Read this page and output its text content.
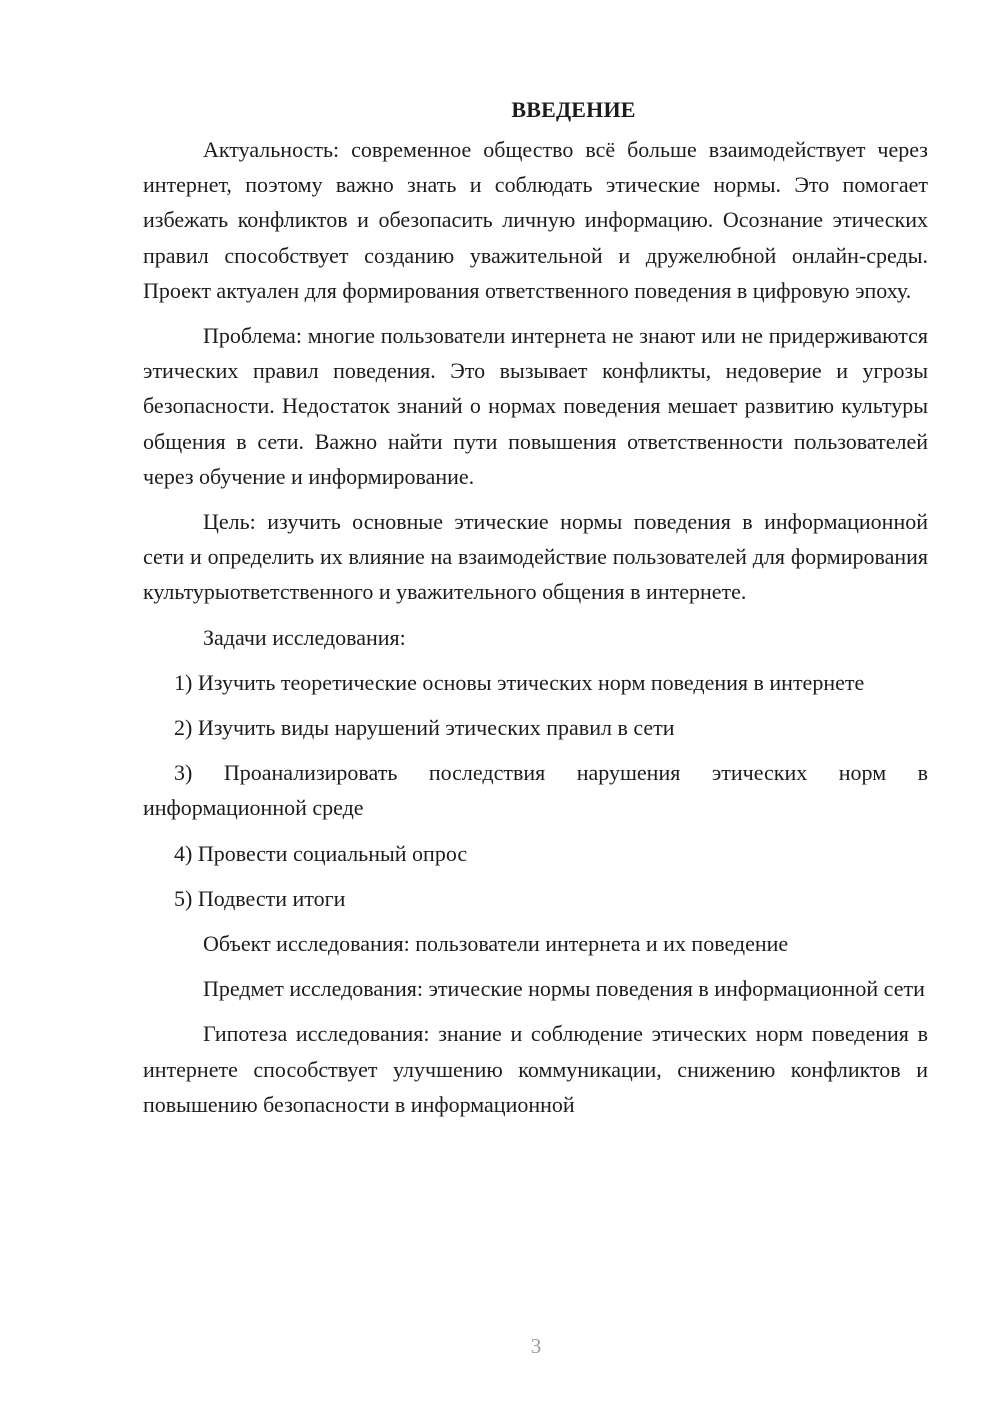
ВВЕДЕНИЕ

Актуальность: современное общество всё больше взаимодействует через интернет, поэтому важно знать и соблюдать этические нормы. Это помогает избежать конфликтов и обезопасить личную информацию. Осознание этических правил способствует созданию уважительной и дружелюбной онлайн-среды. Проект актуален для формирования ответственного поведения в цифровую эпоху.

Проблема: многие пользователи интернета не знают или не придерживаются этических правил поведения. Это вызывает конфликты, недоверие и угрозы безопасности. Недостаток знаний о нормах поведения мешает развитию культуры общения в сети. Важно найти пути повышения ответственности пользователей через обучение и информирование.

Цель: изучить основные этические нормы поведения в информационной сети и определить их влияние на взаимодействие пользователей для формирования культурыответственного и уважительного общения в интернете.

Задачи исследования:

1) Изучить теоретические основы этических норм поведения в интернете

2) Изучить виды нарушений этических правил в сети

3) Проанализировать последствия нарушения этических норм в информационной среде

4) Провести социальный опрос

5) Подвести итоги

Объект исследования: пользователи интернета и их поведение

Предмет исследования: этические нормы поведения в информационной сети

Гипотеза исследования: знание и соблюдение этических норм поведения в интернете способствует улучшению коммуникации, снижению конфликтов и повышению безопасности в информационной

3
